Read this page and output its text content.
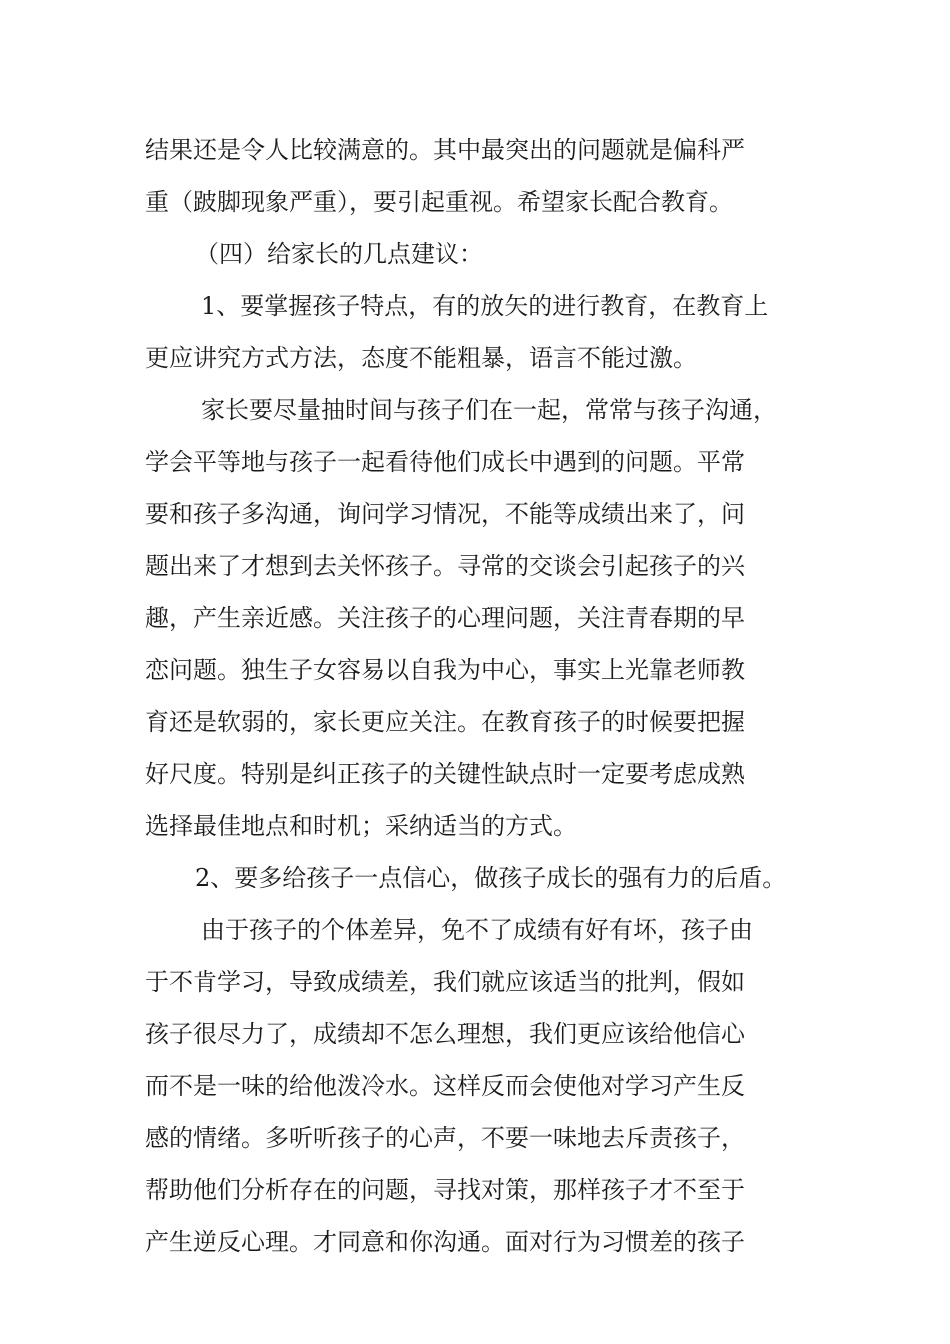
结果还是令人比较满意的。其中最突出的问题就是偏科严
重（跛脚现象严重），要引起重视。希望家长配合教育。
（四）给家长的几点建议：
1、要掌握孩子特点，有的放矢的进行教育，在教育上
更应讲究方式方法，态度不能粗暴，语言不能过激。
家长要尽量抽时间与孩子们在一起，常常与孩子沟通，
学会平等地与孩子一起看待他们成长中遇到的问题。平常
要和孩子多沟通，询问学习情况，不能等成绩出来了，问
题出来了才想到去关怀孩子。寻常的交谈会引起孩子的兴
趣，产生亲近感。关注孩子的心理问题，关注青春期的早
恋问题。独生子女容易以自我为中心，事实上光靠老师教
育还是软弱的，家长更应关注。在教育孩子的时候要把握
好尺度。特别是纠正孩子的关键性缺点时一定要考虑成熟
选择最佳地点和时机；采纳适当的方式。
2、要多给孩子一点信心，做孩子成长的强有力的后盾。
由于孩子的个体差异，免不了成绩有好有坏，孩子由
于不肯学习，导致成绩差，我们就应该适当的批判，假如
孩子很尽力了，成绩却不怎么理想，我们更应该给他信心
而不是一味的给他泼冷水。这样反而会使他对学习产生反
感的情绪。多听听孩子的心声，不要一味地去斥责孩子，
帮助他们分析存在的问题，寻找对策，那样孩子才不至于
产生逆反心理。才同意和你沟通。面对行为习惯差的孩子
